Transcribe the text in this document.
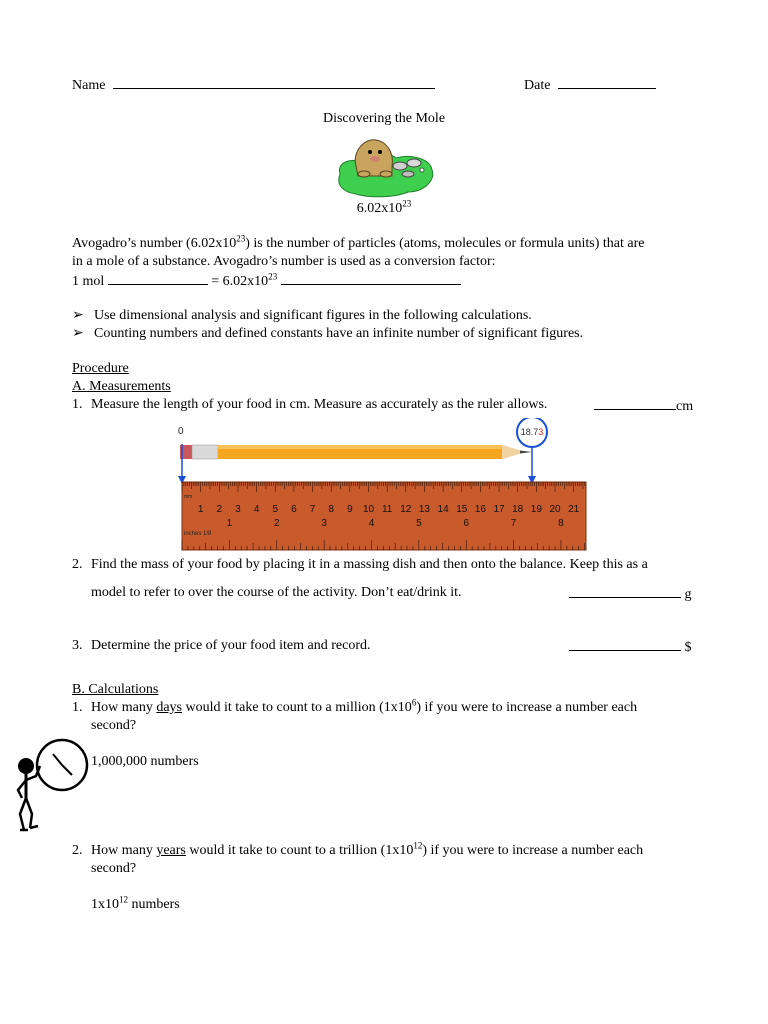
Name	Date
Discovering the Mole
$6.02x10^{23}$
Avogadro’s number $(6.02x10^{23})$ is the number of particles (atoms, molecules or formula units) that are
in a mole of a substance. Avogadro’s number is used as a conversion factor:
1 mol	= $6.02x10^{23}$
➢ Use dimensional analysis and significant figures in the following calculations.
➢ Counting numbers and defined constants have an infinite number of significant figures.
Procedure
A. Measurements
1. Measure the length of your food in cm. Measure as accurately as the ruler allows.	cm
0	18.73
mm
inches 1/8
1 2 3 4 5 6 7 8 9 10 11 12 13 14 15 16 17 18 19 20 21
1	2	3	4	5	6	7	8
2. Find the mass of your food by placing it in a massing dish and then onto the balance. Keep this as a
model to refer to over the course of the activity. Don’t eat/drink it.	g
3. Determine the price of your food item and record.	$
B. Calculations
1. How many days would it take to count to a million $(1x10^6)$ if you were to increase a number each
second?
1,000,000 numbers
2. How many years would it take to count to a trillion $(1x10^{12})$ if you were to increase a number each
second?
$1x10^{12}$ numbers
